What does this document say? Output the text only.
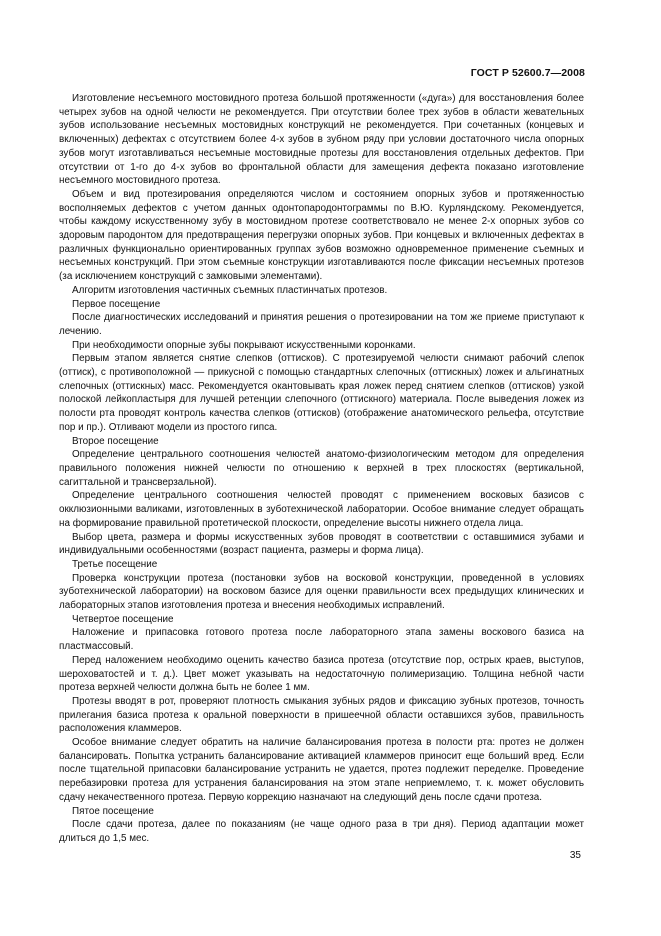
ГОСТ Р 52600.7—2008

Изготовление несъемного мостовидного протеза большой протяженности («дуга») для восстановления более четырех зубов на одной челюсти не рекомендуется. При отсутствии более трех зубов в области жевательных зубов использование несъемных мостовидных конструкций не рекомендуется. При сочетанных (концевых и включенных) дефектах с отсутствием более 4-х зубов в зубном ряду при условии достаточного числа опорных зубов могут изготавливаться несъемные мостовидные протезы для восстановления отдельных дефектов. При отсутствии от 1-го до 4-х зубов во фронтальной области для замещения дефекта показано изготовление несъемного мостовидного протеза.

Объем и вид протезирования определяются числом и состоянием опорных зубов и протяженностью восполняемых дефектов с учетом данных одонтопародонтограммы по В.Ю. Курляндскому. Рекомендуется, чтобы каждому искусственному зубу в мостовидном протезе соответствовало не менее 2-х опорных зубов со здоровым пародонтом для предотвращения перегрузки опорных зубов. При концевых и включенных дефектах в различных функционально ориентированных группах зубов возможно одновременное применение съемных и несъемных конструкций. При этом съемные конструкции изготавливаются после фиксации несъемных протезов (за исключением конструкций с замковыми элементами).

Алгоритм изготовления частичных съемных пластинчатых протезов.

Первое посещение

После диагностических исследований и принятия решения о протезировании на том же приеме приступают к лечению.

При необходимости опорные зубы покрывают искусственными коронками.

Первым этапом является снятие слепков (оттисков). С протезируемой челюсти снимают рабочий слепок (оттиск), с противоположной — прикусной с помощью стандартных слепочных (оттискных) ложек и альгинатных слепочных (оттискных) масс. Рекомендуется окантовывать края ложек перед снятием слепков (оттисков) узкой полоской лейкопластыря для лучшей ретенции слепочного (оттискного) материала. После выведения ложек из полости рта проводят контроль качества слепков (оттисков) (отображение анатомического рельефа, отсутствие пор и пр.). Отливают модели из простого гипса.

Второе посещение

Определение центрального соотношения челюстей анатомо-физиологическим методом для определения правильного положения нижней челюсти по отношению к верхней в трех плоскостях (вертикальной, сагиттальной и трансверзальной).

Определение центрального соотношения челюстей проводят с применением восковых базисов с окклюзионными валиками, изготовленных в зуботехнической лаборатории. Особое внимание следует обращать на формирование правильной протетической плоскости, определение высоты нижнего отдела лица.

Выбор цвета, размера и формы искусственных зубов проводят в соответствии с оставшимися зубами и индивидуальными особенностями (возраст пациента, размеры и форма лица).

Третье посещение

Проверка конструкции протеза (постановки зубов на восковой конструкции, проведенной в условиях зуботехнической лаборатории) на восковом базисе для оценки правильности всех предыдущих клинических и лабораторных этапов изготовления протеза и внесения необходимых исправлений.

Четвертое посещение

Наложение и припасовка готового протеза после лабораторного этапа замены воскового базиса на пластмассовый.

Перед наложением необходимо оценить качество базиса протеза (отсутствие пор, острых краев, выступов, шероховатостей и т. д.). Цвет может указывать на недостаточную полимеризацию. Толщина небной части протеза верхней челюсти должна быть не более 1 мм.

Протезы вводят в рот, проверяют плотность смыкания зубных рядов и фиксацию зубных протезов, точность прилегания базиса протеза к оральной поверхности в пришеечной области оставшихся зубов, правильность расположения кламмеров.

Особое внимание следует обратить на наличие балансирования протеза в полости рта: протез не должен балансировать. Попытка устранить балансирование активацией кламмеров приносит еще больший вред. Если после тщательной припасовки балансирование устранить не удается, протез подлежит переделке. Проведение перебазировки протеза для устранения балансирования на этом этапе неприемлемо, т. к. может обусловить сдачу некачественного протеза. Первую коррекцию назначают на следующий день после сдачи протеза.

Пятое посещение

После сдачи протеза, далее по показаниям (не чаще одного раза в три дня). Период адаптации может длиться до 1,5 мес.

35
